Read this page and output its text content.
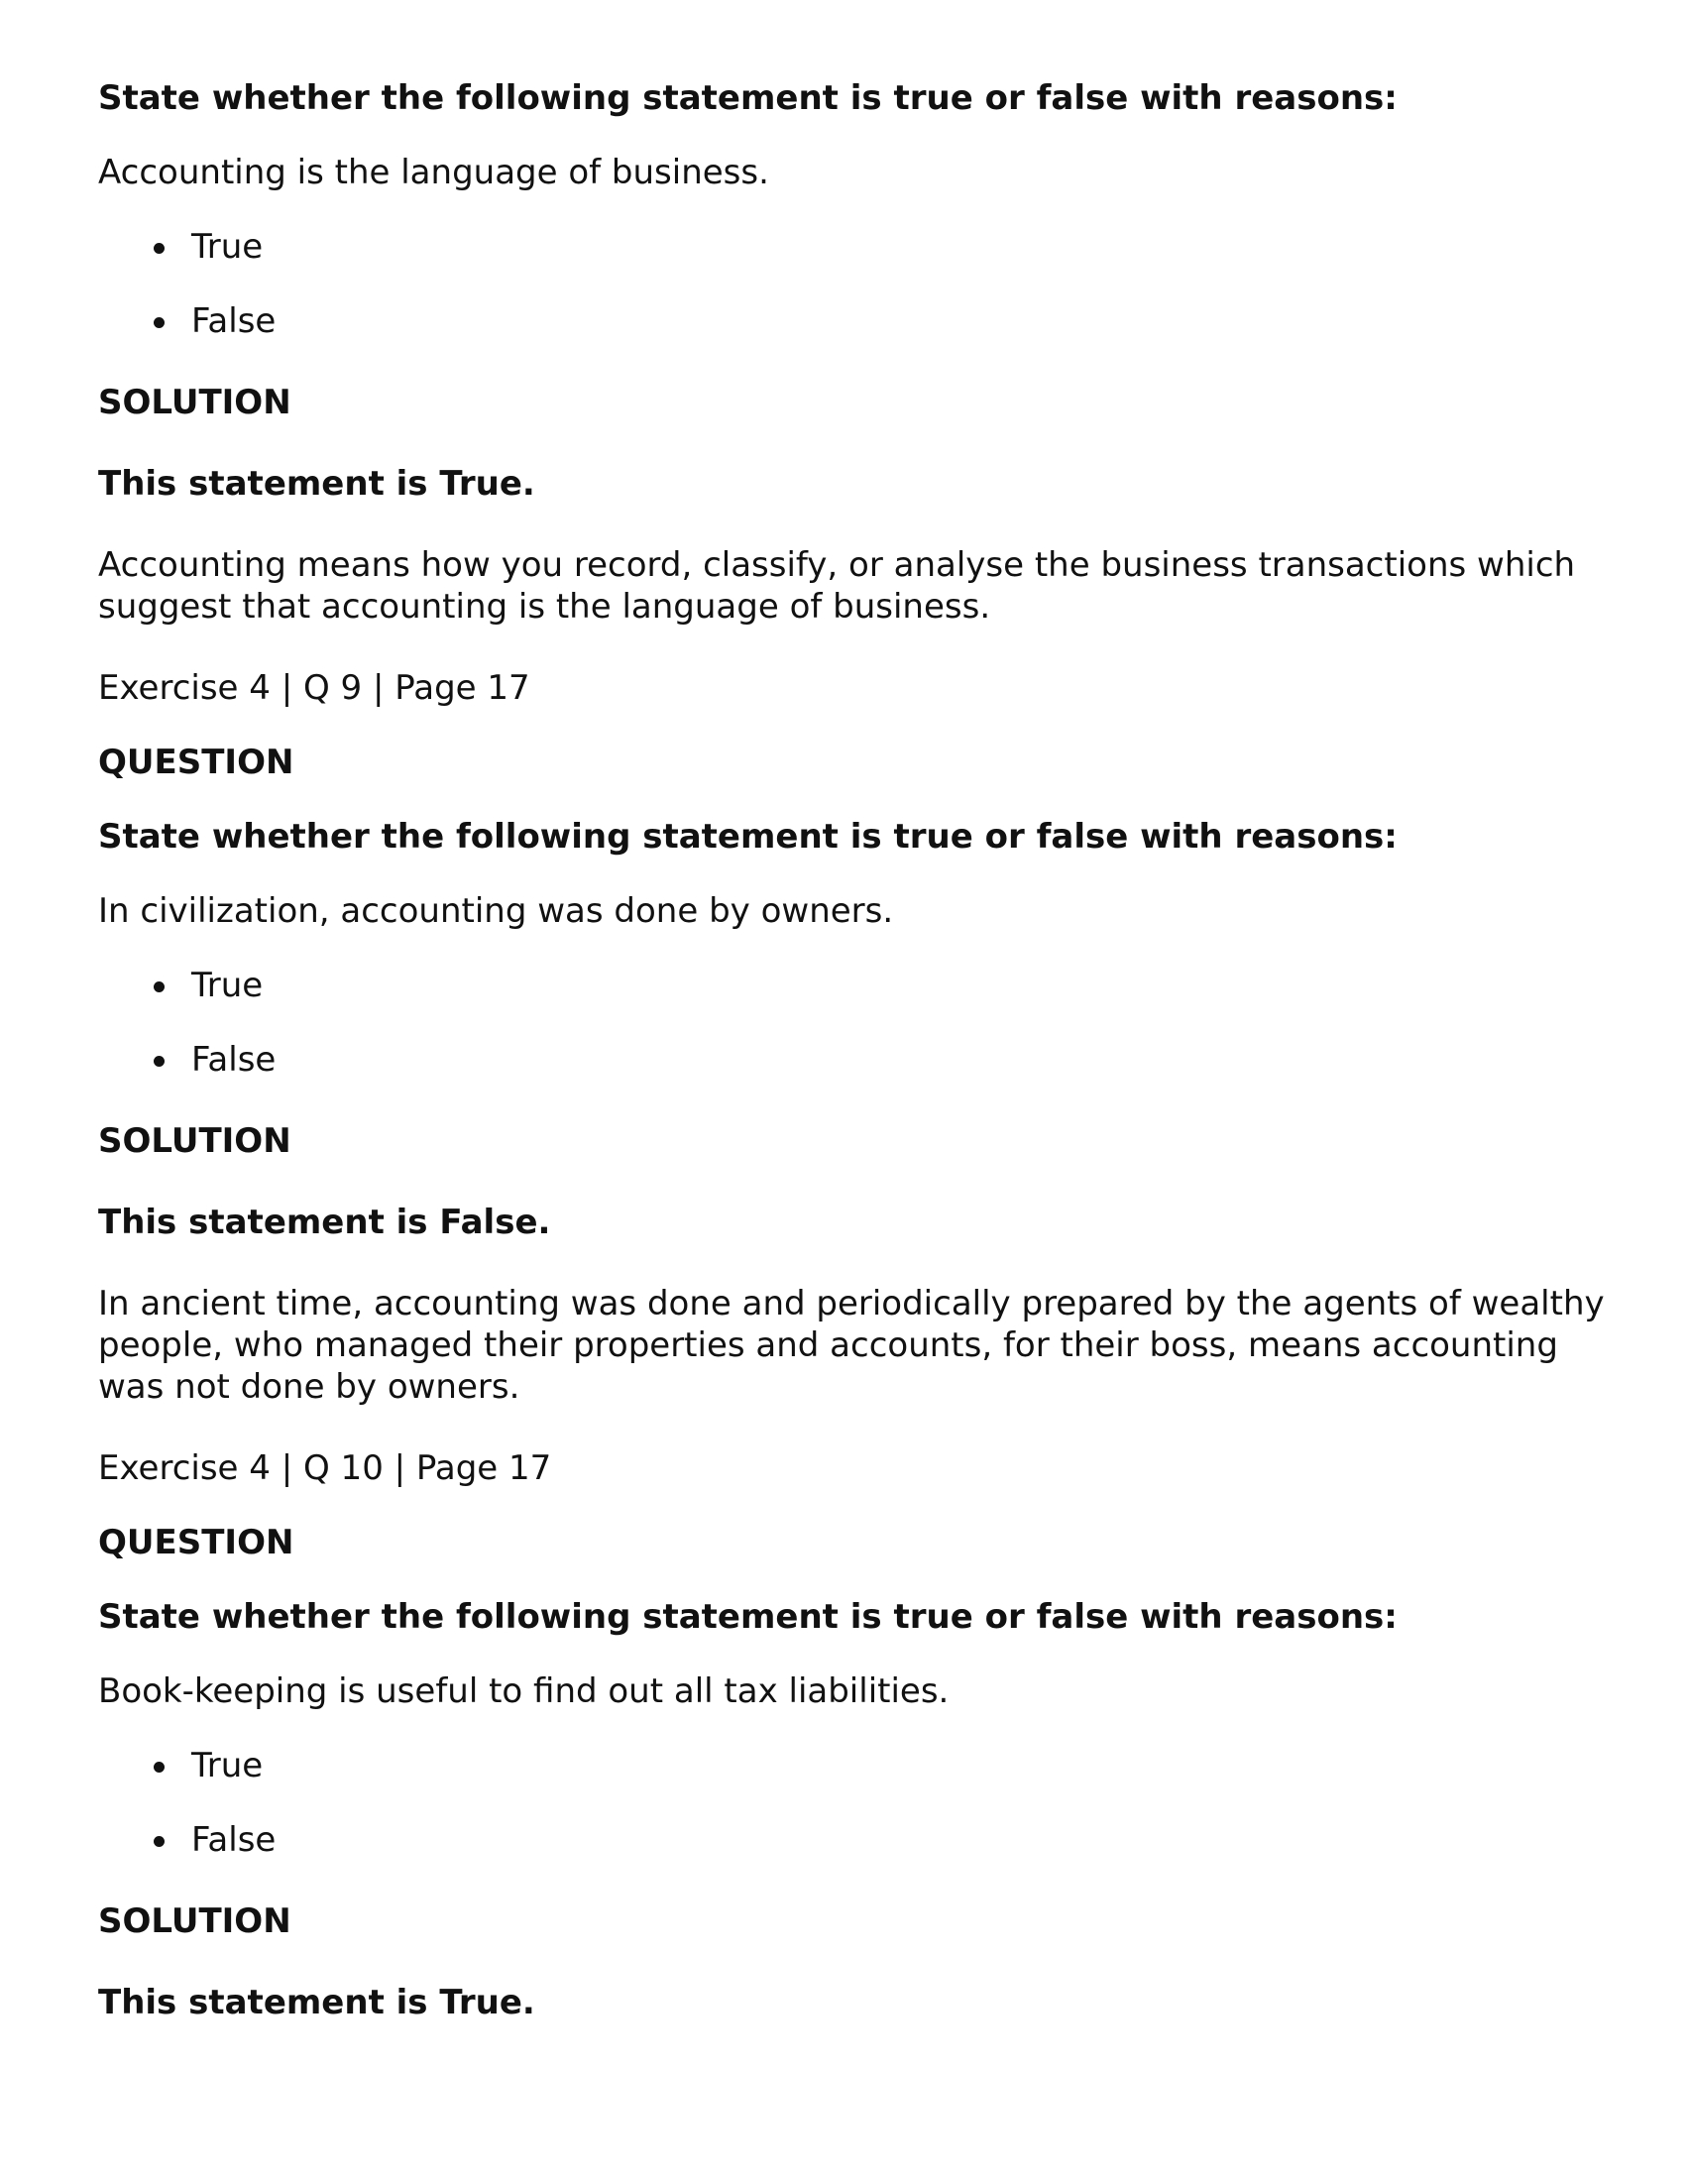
State whether the following statement is true or false with reasons:

Accounting is the language of business.

True

False

SOLUTION

This statement is True.

Accounting means how you record, classify, or analyse the business transactions which suggest that accounting is the language of business.

Exercise 4 | Q 9 | Page 17

QUESTION

State whether the following statement is true or false with reasons:

In civilization, accounting was done by owners.

True

False

SOLUTION

This statement is False.

In ancient time, accounting was done and periodically prepared by the agents of wealthy people, who managed their properties and accounts, for their boss, means accounting was not done by owners.

Exercise 4 | Q 10 | Page 17

QUESTION

State whether the following statement is true or false with reasons:

Book-keeping is useful to find out all tax liabilities.

True

False

SOLUTION

This statement is True.
